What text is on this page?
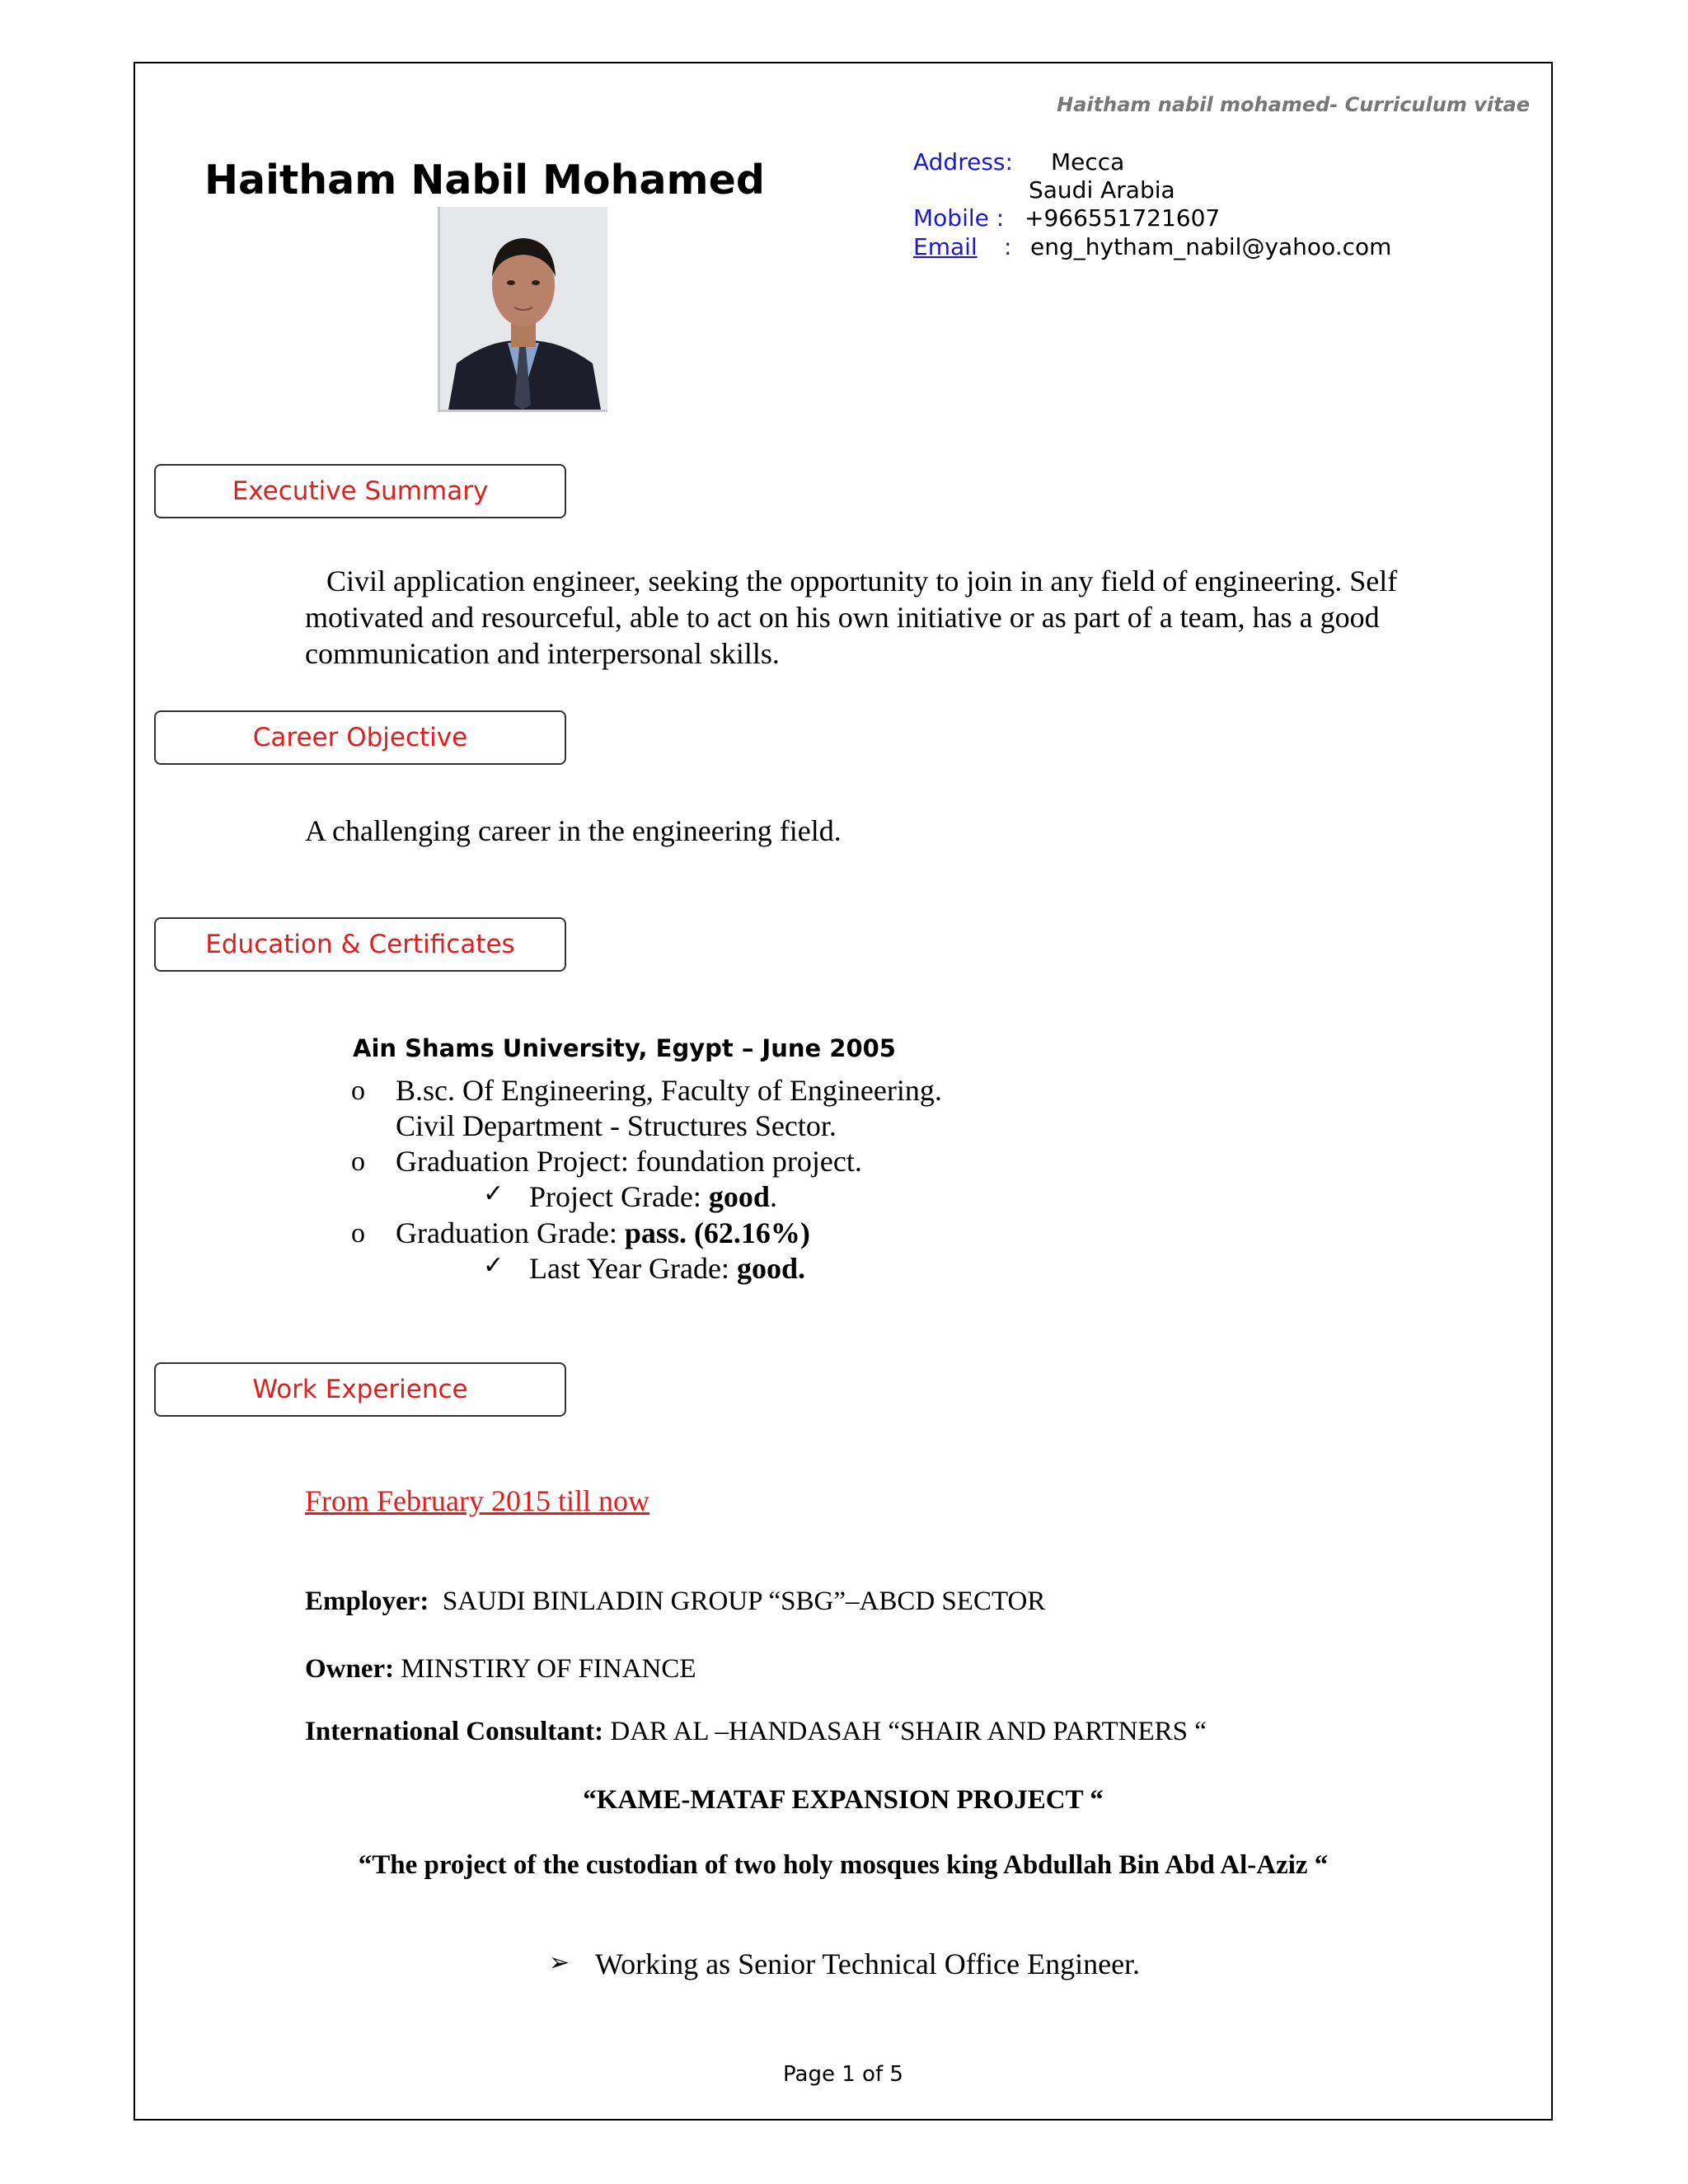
Haitham nabil mohamed- Curriculum vitae
Haitham Nabil Mohamed	Address: Mecca
Saudi Arabia
Mobile : +966551721607
Email : eng_hytham_nabil@yahoo.com
Executive Summary
Civil application engineer, seeking the opportunity to join in any field of engineering. Self motivated and resourceful, able to act on his own initiative or as part of a team, has a good communication and interpersonal skills.
Career Objective
A challenging career in the engineering field.
Education & Certificates
Ain Shams University, Egypt – June 2005
o B.sc. Of Engineering, Faculty of Engineering.
Civil Department - Structures Sector.
o Graduation Project: foundation project.
✓ Project Grade: good.
o Graduation Grade: pass. (62.16%)
✓ Last Year Grade: good.
Work Experience
From February 2015 till now
Employer: SAUDI BINLADIN GROUP “SBG”–ABCD SECTOR
Owner: MINSTIRY OF FINANCE
International Consultant: DAR AL –HANDASAH “SHAIR AND PARTNERS “
“KAME-MATAF EXPANSION PROJECT “
“The project of the custodian of two holy mosques king Abdullah Bin Abd Al-Aziz “
➢ Working as Senior Technical Office Engineer.
Page 1 of 5
